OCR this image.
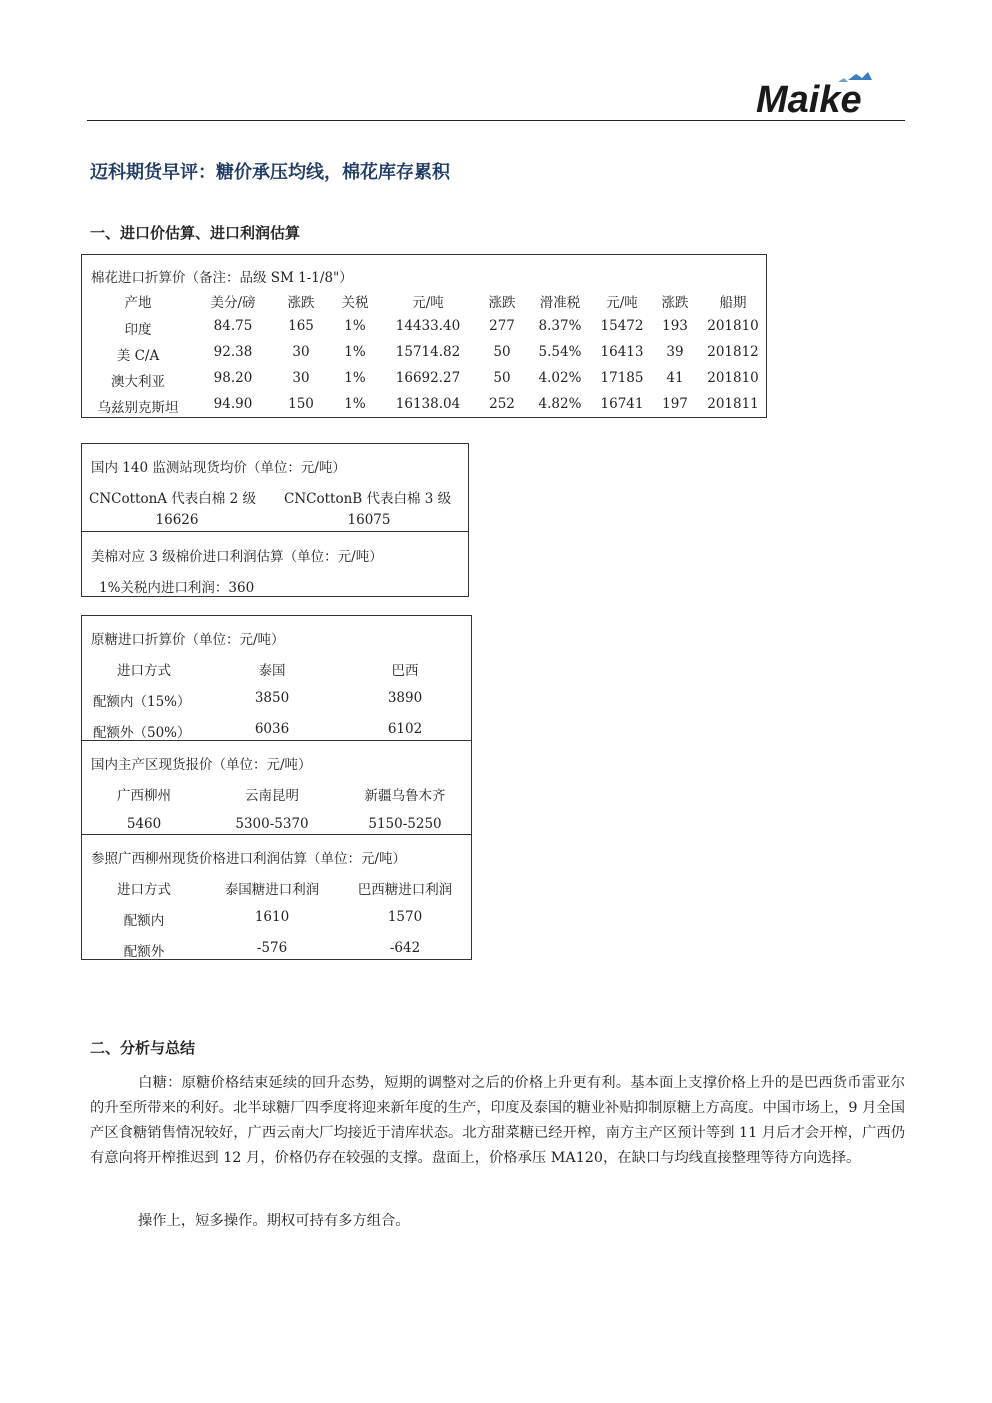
Maike
迈科期货早评：糖价承压均线，棉花库存累积
一、进口价估算、进口利润估算
棉花进口折算价（备注：品级 SM 1-1/8"）
产地	美分/磅 涨跌 关税	元/吨	涨跌 滑准税 元/吨 涨跌 船期
印度	84.75	165 1% 14433.40 277 8.37% 15472 193 201810
美 C/A	92.38	30	1% 15714.82 50 5.54% 16413 39 201812
澳大利亚	98.20	30	1% 16692.27 50 4.02% 17185 41 201810
乌兹别克斯坦	94.90	150 1% 16138.04 252 4.82% 16741 197 201811
国内 140 监测站现货均价（单位：元/吨）
CNCottonA 代表白棉 2 级 CNCottonB 代表白棉 3 级
16626	16075
美棉对应 3 级棉价进口利润估算（单位：元/吨）
1%关税内进口利润：360
原糖进口折算价（单位：元/吨）
进口方式	泰国	巴西
配额内（15%）	3850	3890
配额外（50%）	6036	6102
国内主产区现货报价（单位：元/吨）
广西柳州	云南昆明	新疆乌鲁木齐
5460	5300-5370	5150-5250
参照广西柳州现货价格进口利润估算（单位：元/吨）
进口方式	泰国糖进口利润	巴西糖进口利润
配额内	1610	1570
配额外	-576	-642
二、分析与总结
白糖：原糖价格结束延续的回升态势，短期的调整对之后的价格上升更有利。基本面上支撑价格上升的是巴西货币雷亚尔的升至所带来的利好。北半球糖厂四季度将迎来新年度的生产，印度及泰国的糖业补贴抑制原糖上方高度。中国市场上，9 月全国产区食糖销售情况较好，广西云南大厂均接近于清库状态。北方甜菜糖已经开榨，南方主产区预计等到 11 月后才会开榨，广西仍有意向将开榨推迟到 12 月，价格仍存在较强的支撑。盘面上，价格承压 MA120，在缺口与均线直接整理等待方向选择。
操作上，短多操作。期权可持有多方组合。
